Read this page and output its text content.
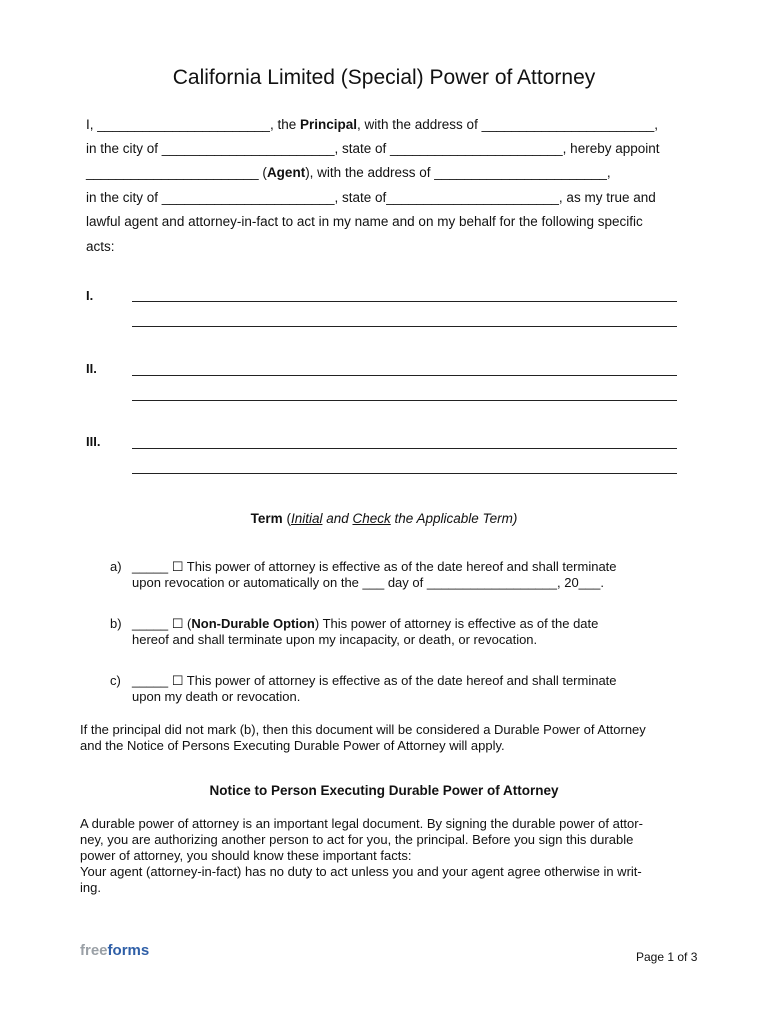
California Limited (Special) Power of Attorney
I, _______________________, the Principal, with the address of _______________________,
in the city of _______________________, state of _______________________, hereby appoint
_______________________ (Agent), with the address of _______________________,
in the city of _______________________, state of_______________________, as my true and
lawful agent and attorney-in-fact to act in my name and on my behalf for the following specific
acts:
I.
II.
III.
Term (Initial and Check the Applicable Term)
a) _____ ☐ This power of attorney is effective as of the date hereof and shall terminate
upon revocation or automatically on the ___ day of __________________, 20___.
b) _____ ☐ (Non-Durable Option) This power of attorney is effective as of the date
hereof and shall terminate upon my incapacity, or death, or revocation.
c) _____ ☐ This power of attorney is effective as of the date hereof and shall terminate
upon my death or revocation.
If the principal did not mark (b), then this document will be considered a Durable Power of Attorney
and the Notice of Persons Executing Durable Power of Attorney will apply.
Notice to Person Executing Durable Power of Attorney
A durable power of attorney is an important legal document. By signing the durable power of attor-
ney, you are authorizing another person to act for you, the principal. Before you sign this durable
power of attorney, you should know these important facts:
Your agent (attorney-in-fact) has no duty to act unless you and your agent agree otherwise in writ-
ing.
freeforms	Page 1 of 3
